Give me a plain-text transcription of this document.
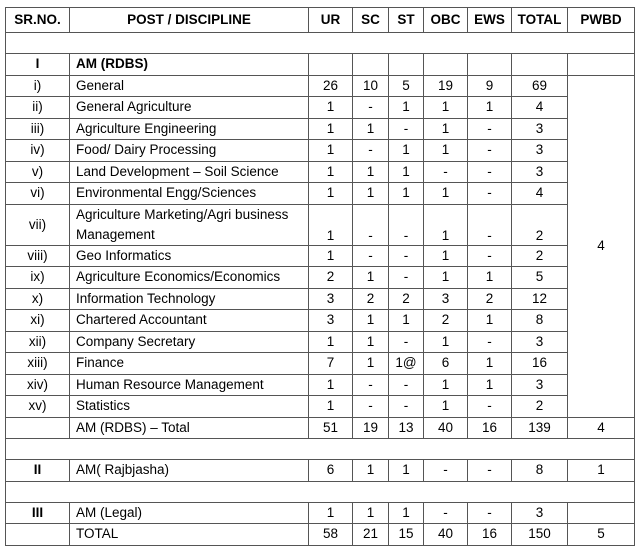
SR.NO.	POST / DISCIPLINE	UR	SC	ST	OBC	EWS	TOTAL	PWBD

I	AM (RDBS)							
i)	General	26	10	5	19	9	69	4
ii)	General Agriculture	1	-	1	1	1	4	
iii)	Agriculture Engineering	1	1	-	1	-	3	
iv)	Food/ Dairy Processing	1	-	1	1	-	3	
v)	Land Development – Soil Science	1	1	1	-	-	3	
vi)	Environmental Engg/Sciences	1	1	1	1	-	4	
vii)	Agriculture Marketing/Agri business Management	1	-	-	1	-	2	
viii)	Geo Informatics	1	-	-	1	-	2	
ix)	Agriculture Economics/Economics	2	1	-	1	1	5	
x)	Information Technology	3	2	2	3	2	12	
xi)	Chartered Accountant	3	1	1	2	1	8	
xii)	Company Secretary	1	1	-	1	-	3	
xiii)	Finance	7	1	1@	6	1	16	
xiv)	Human Resource Management	1	-	-	1	1	3	
xv)	Statistics	1	-	-	1	-	2	
	AM (RDBS) – Total	51	19	13	40	16	139	4

II	AM( Rajbjasha)	6	1	1	-	-	8	1

III	AM (Legal)	1	1	1	-	-	3	
	TOTAL	58	21	15	40	16	150	5
